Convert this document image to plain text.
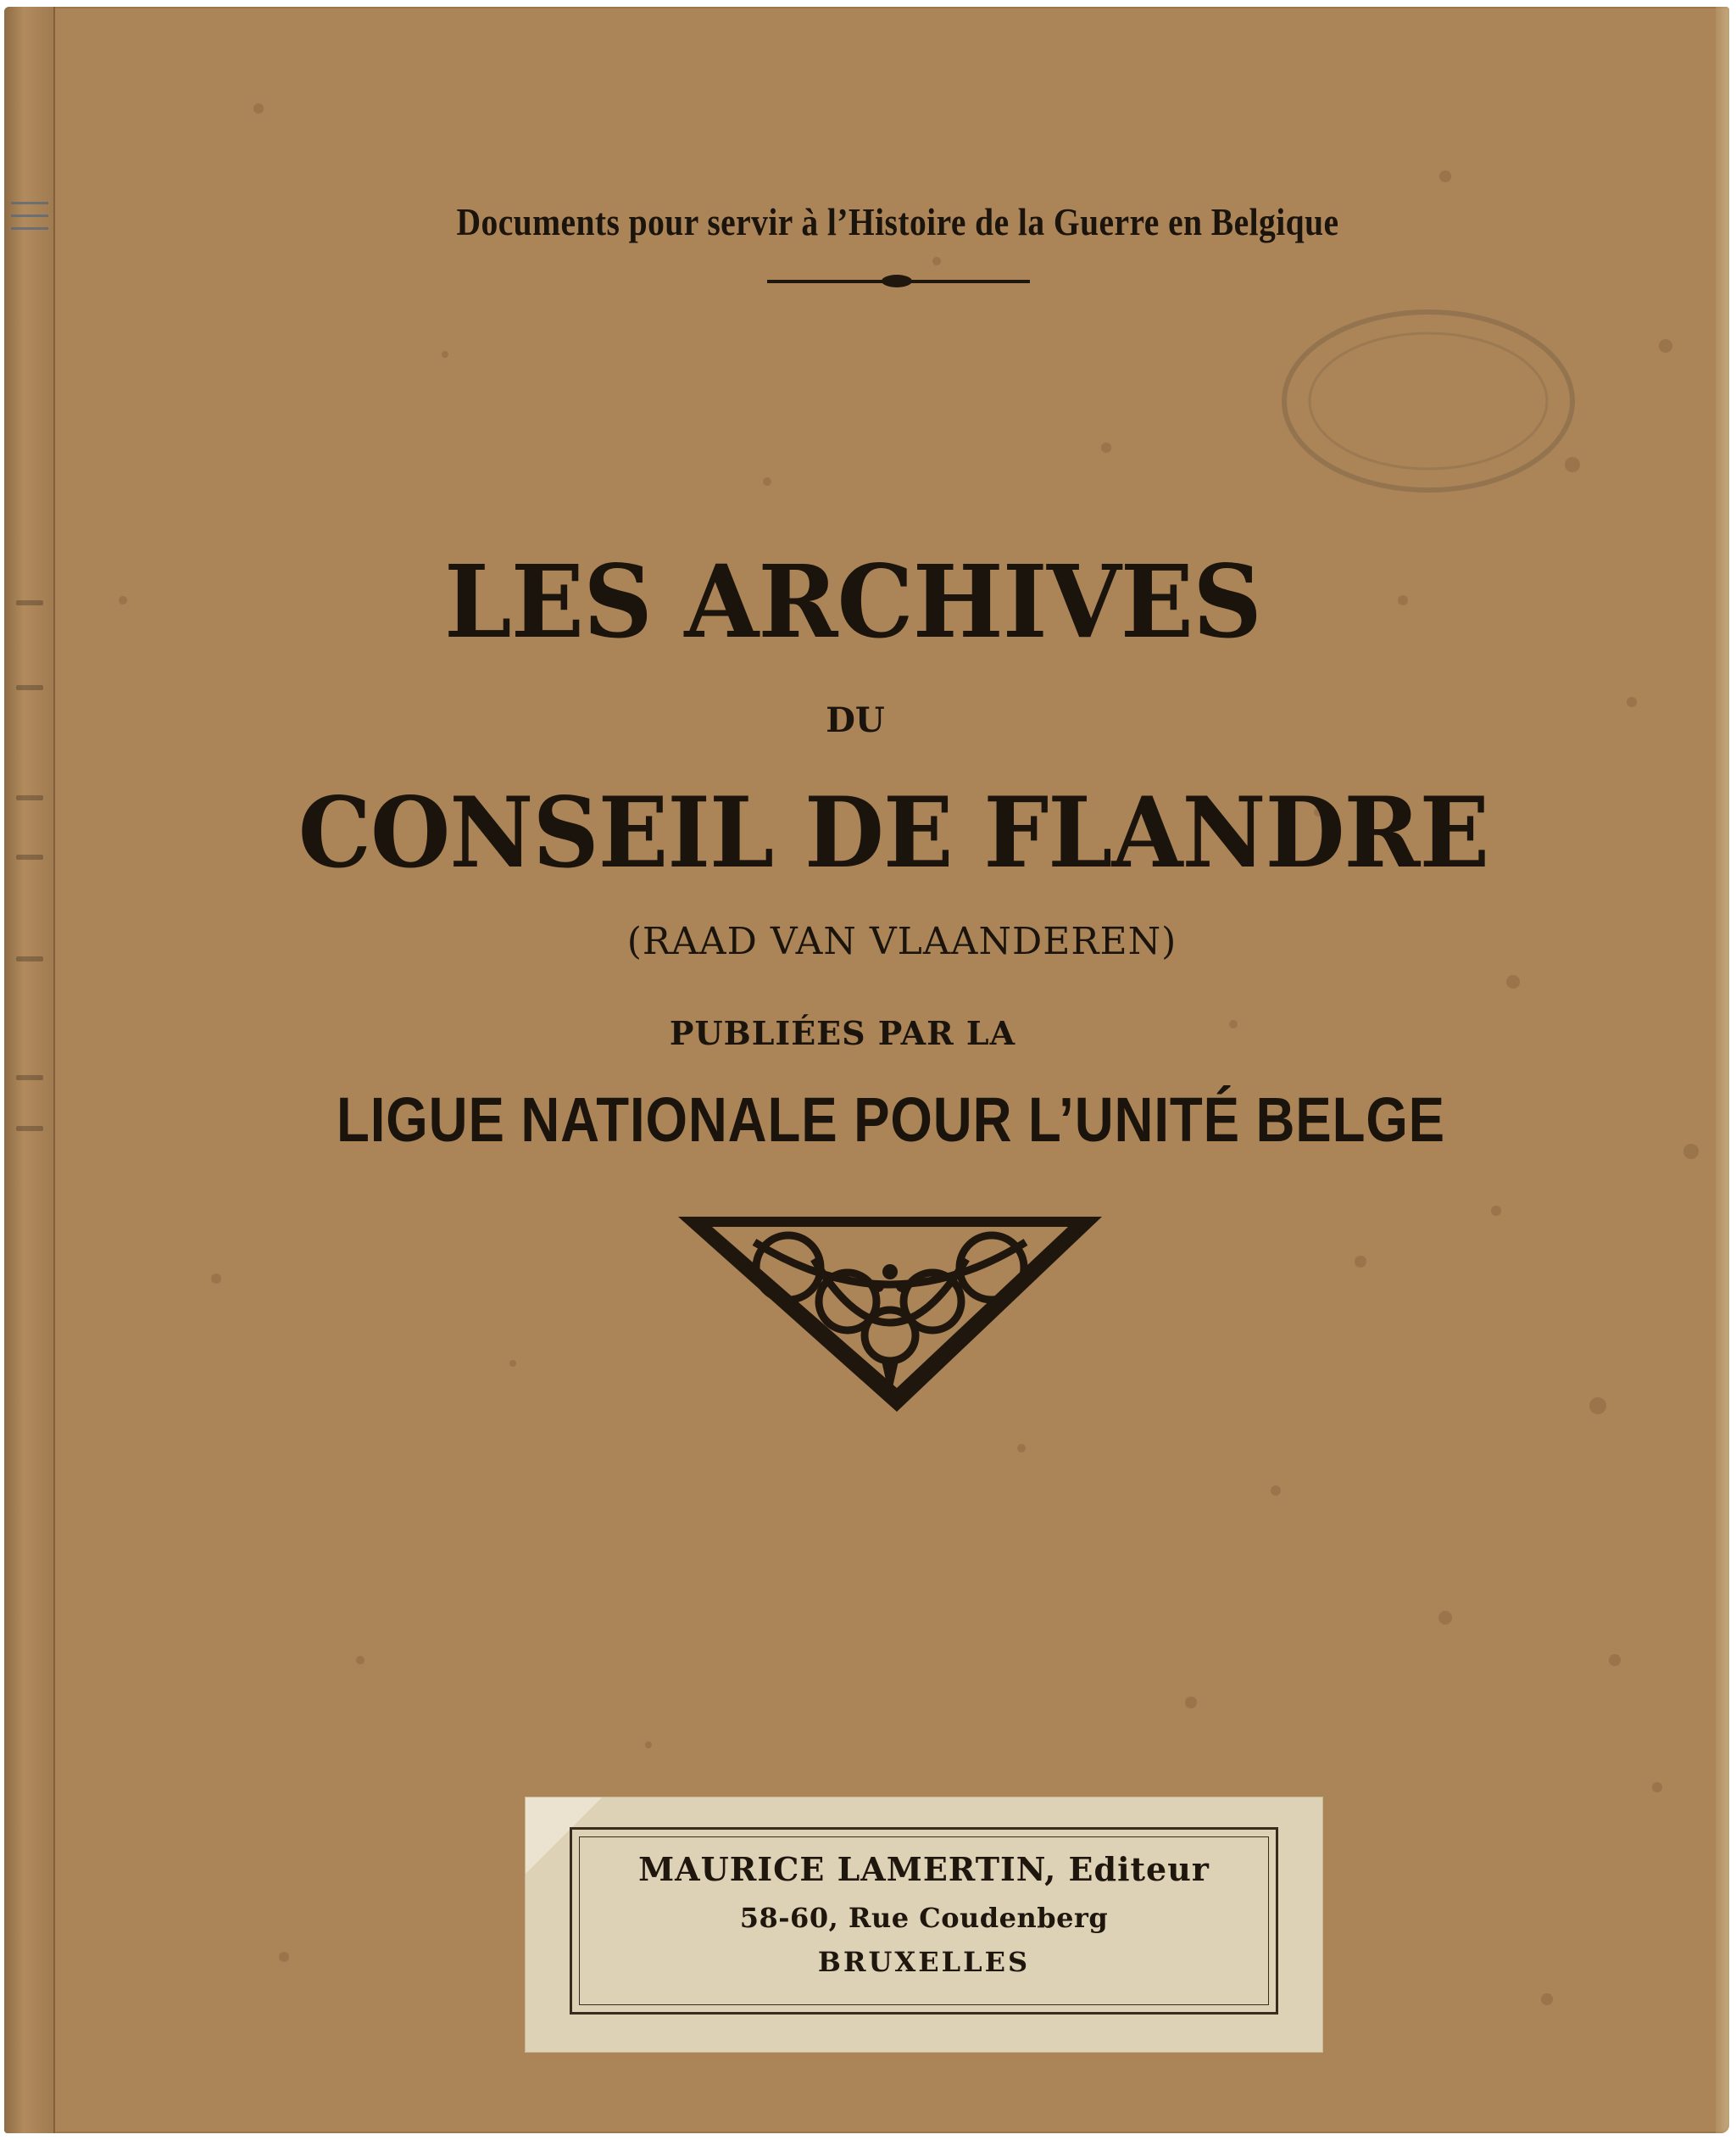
Documents pour servir à l’Histoire de la Guerre en Belgique
LES ARCHIVES
DU
CONSEIL DE FLANDRE
(RAAD VAN VLAANDEREN)
PUBLIÉES PAR LA
LIGUE NATIONALE POUR L’UNITÉ BELGE
MAURICE LAMERTIN, Editeur
58-60, Rue Coudenberg
BRUXELLES
